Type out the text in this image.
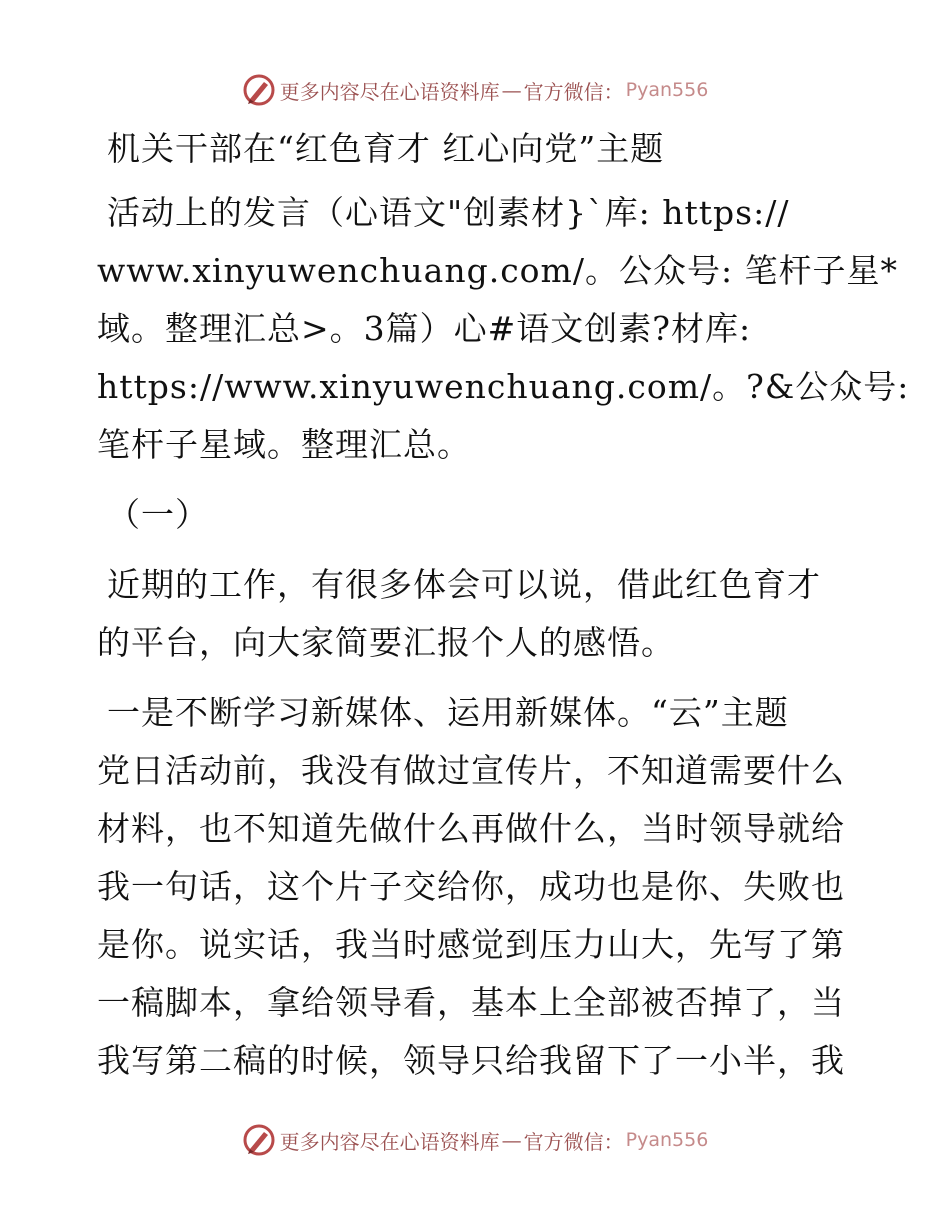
更多内容尽在心语资料库 — 官方微信： Pyan556
机关干部在“红色育才 红心向党”主题
活动上的发言（心语文"创素材}`库: https://
www.xinyuwenchuang.com/。公众号: 笔杆子星*
域。整理汇总>。3篇）心#语文创素?材库:
https://www.xinyuwenchuang.com/。?&公众号:
笔杆子星域。整理汇总。
（一）
近期的工作，有很多体会可以说，借此红色育才
的平台，向大家简要汇报个人的感悟。
一是不断学习新媒体、运用新媒体。“云”主题
党日活动前，我没有做过宣传片，不知道需要什么
材料，也不知道先做什么再做什么，当时领导就给
我一句话，这个片子交给你，成功也是你、失败也
是你。说实话，我当时感觉到压力山大，先写了第
一稿脚本，拿给领导看，基本上全部被否掉了，当
我写第二稿的时候，领导只给我留下了一小半，我
更多内容尽在心语资料库 — 官方微信： Pyan556
